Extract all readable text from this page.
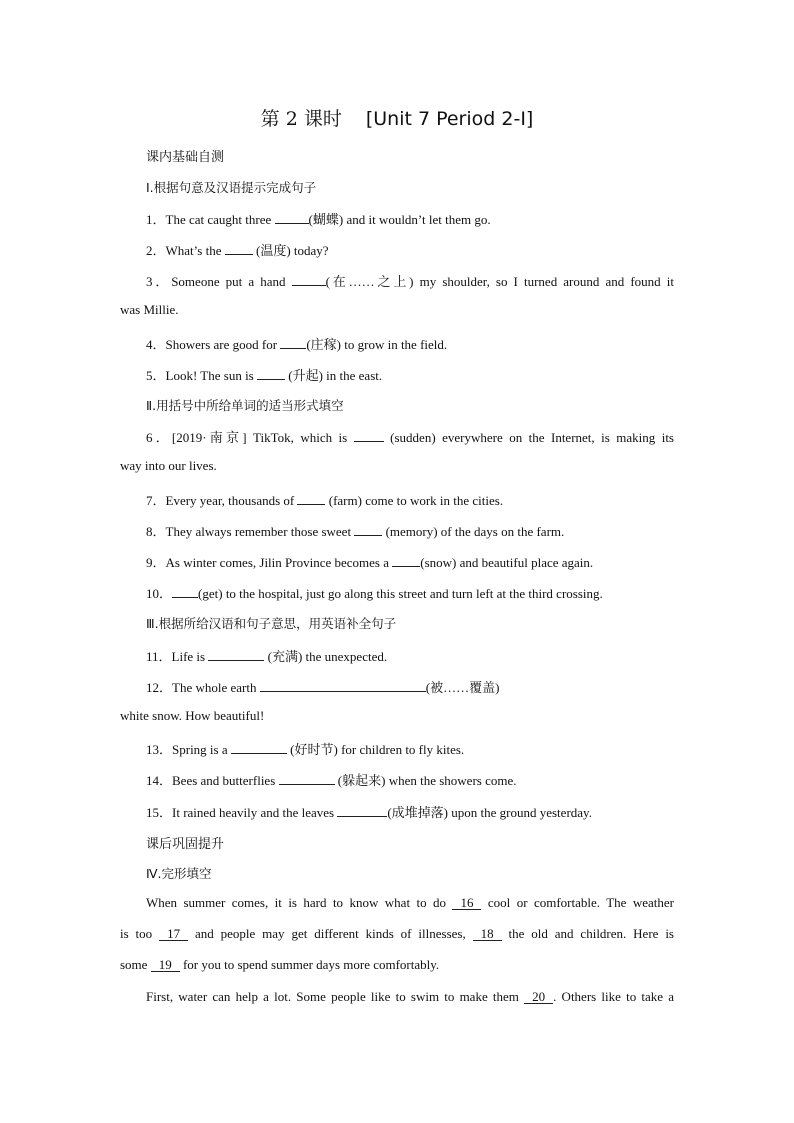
第 2 课时 [Unit 7 Period 2-Ⅰ]
课内基础自测
Ⅰ.根据句意及汉语提示完成句子
1．The cat caught three	(蝴蝶) and it wouldn’t let them go.
2．What’s the  (温度) today?
3．Someone put a hand	(在……之上) my shoulder, so I turned around and found it
was Millie.
4．Showers are good for (庄稼) to grow in the field.
5．Look! The sun is  (升起) in the east.
Ⅱ.用括号中所给单词的适当形式填空
6．[2019·南京] TikTok, which is	(sudden) everywhere on the Internet, is making its
way into our lives.
7．Every year, thousands of  (farm) come to work in the cities.
8．They always remember those sweet  (memory) of the days on the farm.
9．As winter comes, Jilin Province becomes a (snow) and beautiful place again.
10． (get) to the hospital, just go along this street and turn left at the third crossing.
Ⅲ.根据所给汉语和句子意思，用英语补全句子
11．Life is	(充满) the unexpected.
12．The whole earth	(被……覆盖)
white snow. How beautiful!
13．Spring is a	(好时节) for children to fly kites.
14．Bees and butterflies	(躲起来) when the showers come.
15．It rained heavily and the leaves	(成堆掉落) upon the ground yesterday.
课后巩固提升
Ⅳ.完形填空
When summer comes, it is hard to know what to do 16 cool or comfortable. The weather
is too 17 and people may get different kinds of illnesses, 18 the old and children. Here is
some 19 for you to spend summer days more comfortably.
First, water can help a lot. Some people like to swim to make them 20 . Others like to take a
